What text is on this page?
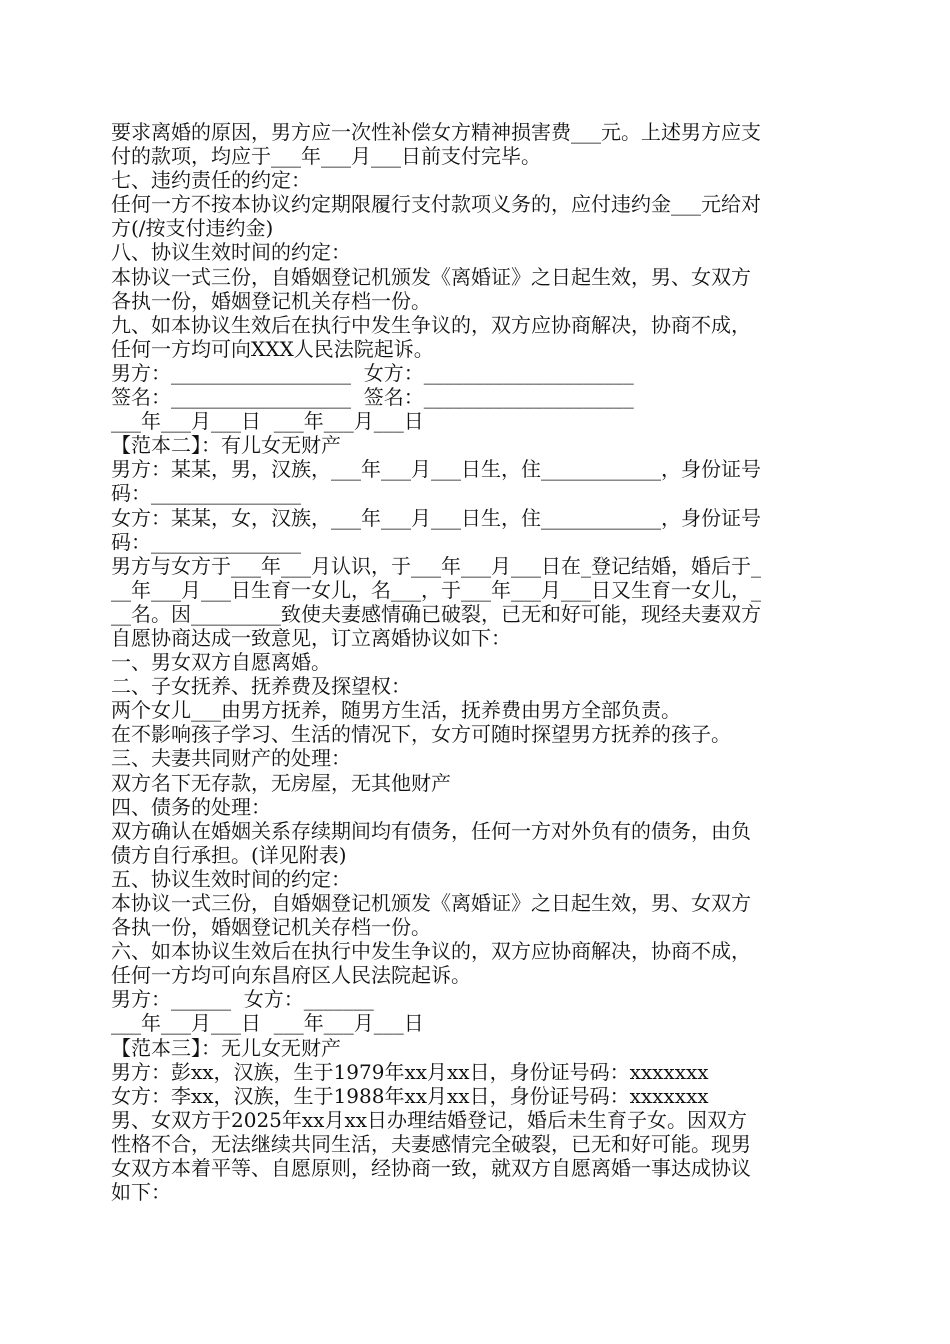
要求离婚的原因，男方应一次性补偿女方精神损害费___元。上述男方应支
付的款项，均应于___年___月___日前支付完毕。
七、违约责任的约定：
任何一方不按本协议约定期限履行支付款项义务的，应付违约金___元给对
方(/按支付违约金)
八、协议生效时间的约定：
本协议一式三份，自婚姻登记机颁发《离婚证》之日起生效，男、女双方
各执一份，婚姻登记机关存档一份。
九、如本协议生效后在执行中发生争议的，双方应协商解决，协商不成，
任何一方均可向XXX人民法院起诉。
男方：__________________  女方：_____________________
签名：__________________  签名：_____________________
___年___月___日  ___年___月___日
【范本二】：有儿女无财产
男方：某某，男，汉族，___年___月___日生，住____________，身份证号
码：_______________
女方：某某，女，汉族，___年___月___日生，住____________，身份证号
码：_______________
男方与女方于___年___月认识，于___年___月___日在_登记结婚，婚后于_
__年___月___日生育一女儿，名___，于___年___月___日又生育一女儿，_
__名。因_________致使夫妻感情确已破裂，已无和好可能，现经夫妻双方
自愿协商达成一致意见，订立离婚协议如下：
一、男女双方自愿离婚。
二、子女抚养、抚养费及探望权：
两个女儿___由男方抚养，随男方生活，抚养费由男方全部负责。
在不影响孩子学习、生活的情况下，女方可随时探望男方抚养的孩子。
三、夫妻共同财产的处理：
双方名下无存款，无房屋，无其他财产
四、债务的处理：
双方确认在婚姻关系存续期间均有债务，任何一方对外负有的债务，由负
债方自行承担。(详见附表)
五、协议生效时间的约定：
本协议一式三份，自婚姻登记机颁发《离婚证》之日起生效，男、女双方
各执一份，婚姻登记机关存档一份。
六、如本协议生效后在执行中发生争议的，双方应协商解决，协商不成，
任何一方均可向东昌府区人民法院起诉。
男方：______  女方：_______
___年___月___日  ___年___月___日
【范本三】：无儿女无财产
男方：彭xx，汉族，生于1979年xx月xx日，身份证号码：xxxxxxx
女方：李xx，汉族，生于1988年xx月xx日，身份证号码：xxxxxxx
男、女双方于2025年xx月xx日办理结婚登记，婚后未生育子女。因双方
性格不合，无法继续共同生活，夫妻感情完全破裂，已无和好可能。现男
女双方本着平等、自愿原则，经协商一致，就双方自愿离婚一事达成协议
如下：
